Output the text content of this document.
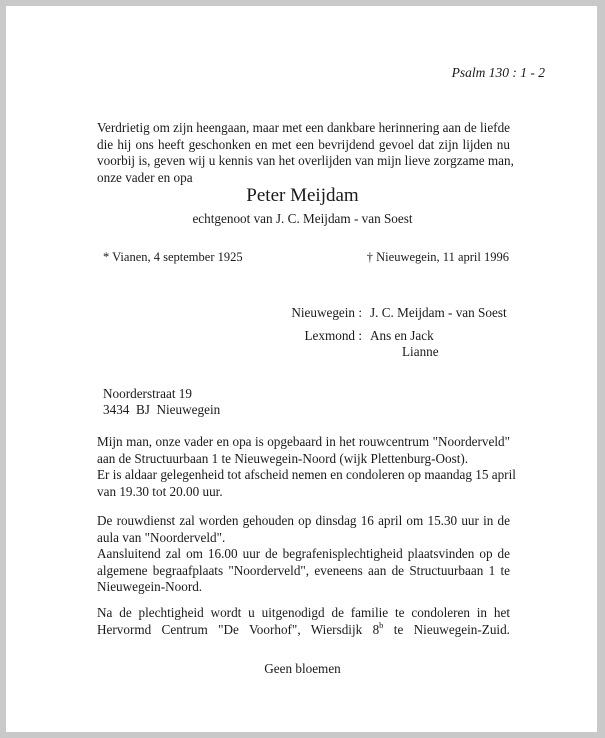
Psalm 130 : 1 - 2
Verdrietig om zijn heengaan, maar met een dankbare herinnering aan de liefde
die hij ons heeft geschonken en met een bevrijdend gevoel dat zijn lijden nu
voorbij is, geven wij u kennis van het overlijden van mijn lieve zorgzame man,
onze vader en opa
Peter Meijdam
echtgenoot van J. C. Meijdam - van Soest
* Vianen, 4 september 1925	† Nieuwegein, 11 april 1996
Nieuwegein : J. C. Meijdam - van Soest
Lexmond : Ans en Jack
Lianne
Noorderstraat 19
3434  BJ  Nieuwegein
Mijn man, onze vader en opa is opgebaard in het rouwcentrum "Noorderveld"
aan de Structuurbaan 1 te Nieuwegein-Noord (wijk Plettenburg-Oost).
Er is aldaar gelegenheid tot afscheid nemen en condoleren op maandag 15 april
van 19.30 tot 20.00 uur.
De rouwdienst zal worden gehouden op dinsdag 16 april om 15.30 uur in de
aula van "Noorderveld".
Aansluitend zal om 16.00 uur de begrafenisplechtigheid plaatsvinden op de
algemene begraafplaats "Noorderveld", eveneens aan de Structuurbaan 1 te
Nieuwegein-Noord.
Na de plechtigheid wordt u uitgenodigd de familie te condoleren in het
Hervormd Centrum "De Voorhof", Wiersdijk 8$^b$ te Nieuwegein-Zuid.
Geen bloemen
